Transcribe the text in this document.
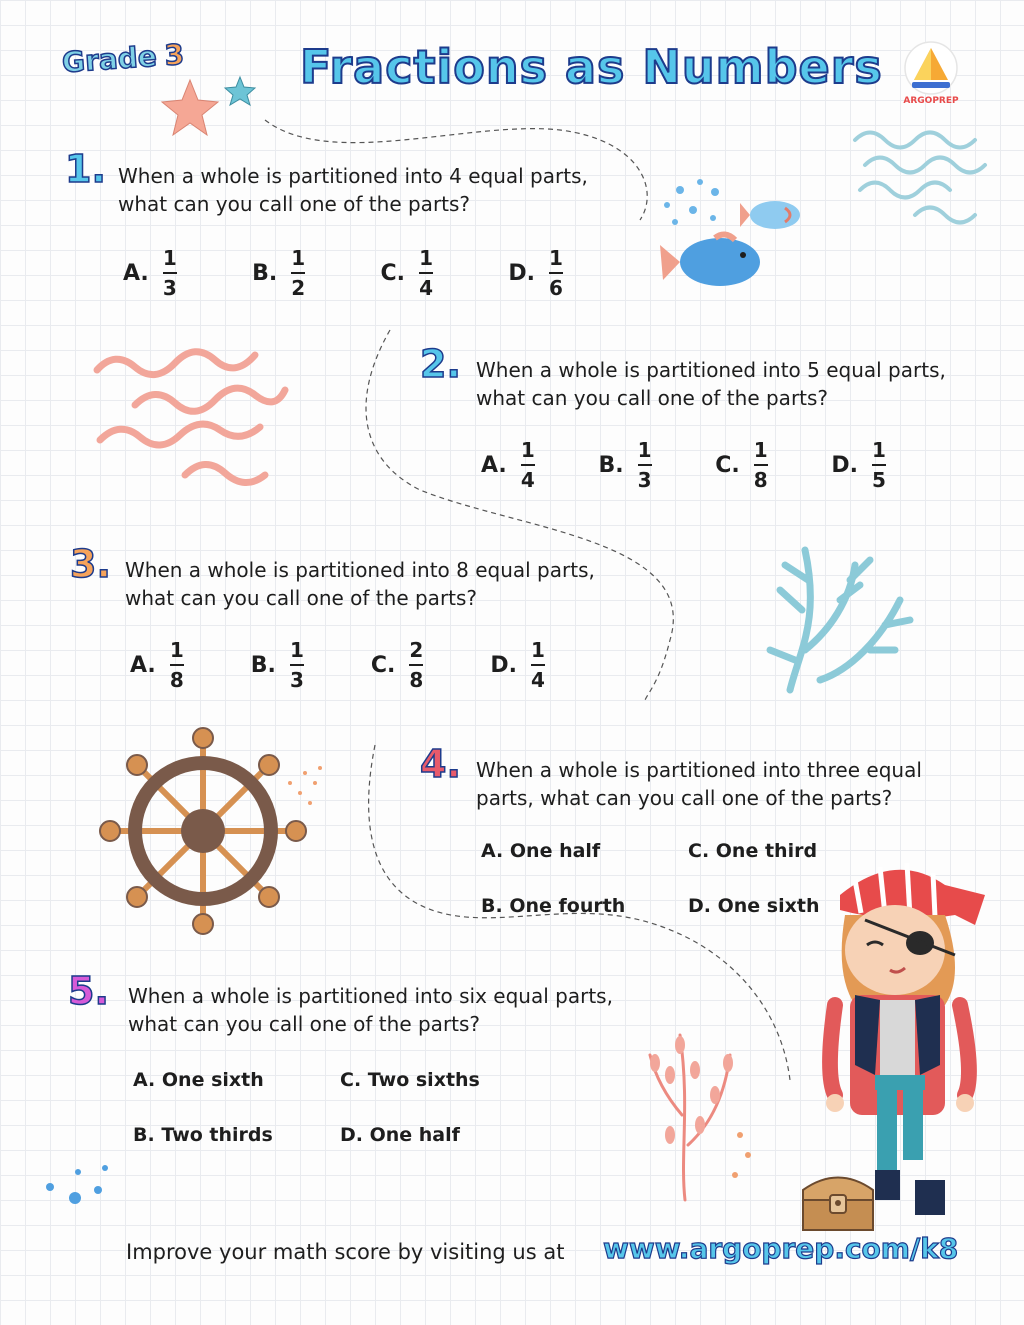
Grade 3 Fractions as Numbers
ARGOPREP
1. When a whole is partitioned into 4 equal parts, what can you call one of the parts?
A. $\frac{1}{3}$	B. $\frac{1}{2}$	C. $\frac{1}{4}$	D. $\frac{1}{6}$
2. When a whole is partitioned into 5 equal parts, what can you call one of the parts?
A. $\frac{1}{4}$	B. $\frac{1}{3}$	C. $\frac{1}{8}$	D. $\frac{1}{5}$
3. When a whole is partitioned into 8 equal parts, what can you call one of the parts?
A. $\frac{1}{8}$	B. $\frac{1}{3}$	C. $\frac{2}{8}$	D. $\frac{1}{4}$
4. When a whole is partitioned into three equal parts, what can you call one of the parts?
A. One half	C. One third
B. One fourth	D. One sixth
5. When a whole is partitioned into six equal parts, what can you call one of the parts?
A. One sixth	C. Two sixths
B. Two thirds	D. One half
Improve your math score by visiting us at www.argoprep.com/k8
